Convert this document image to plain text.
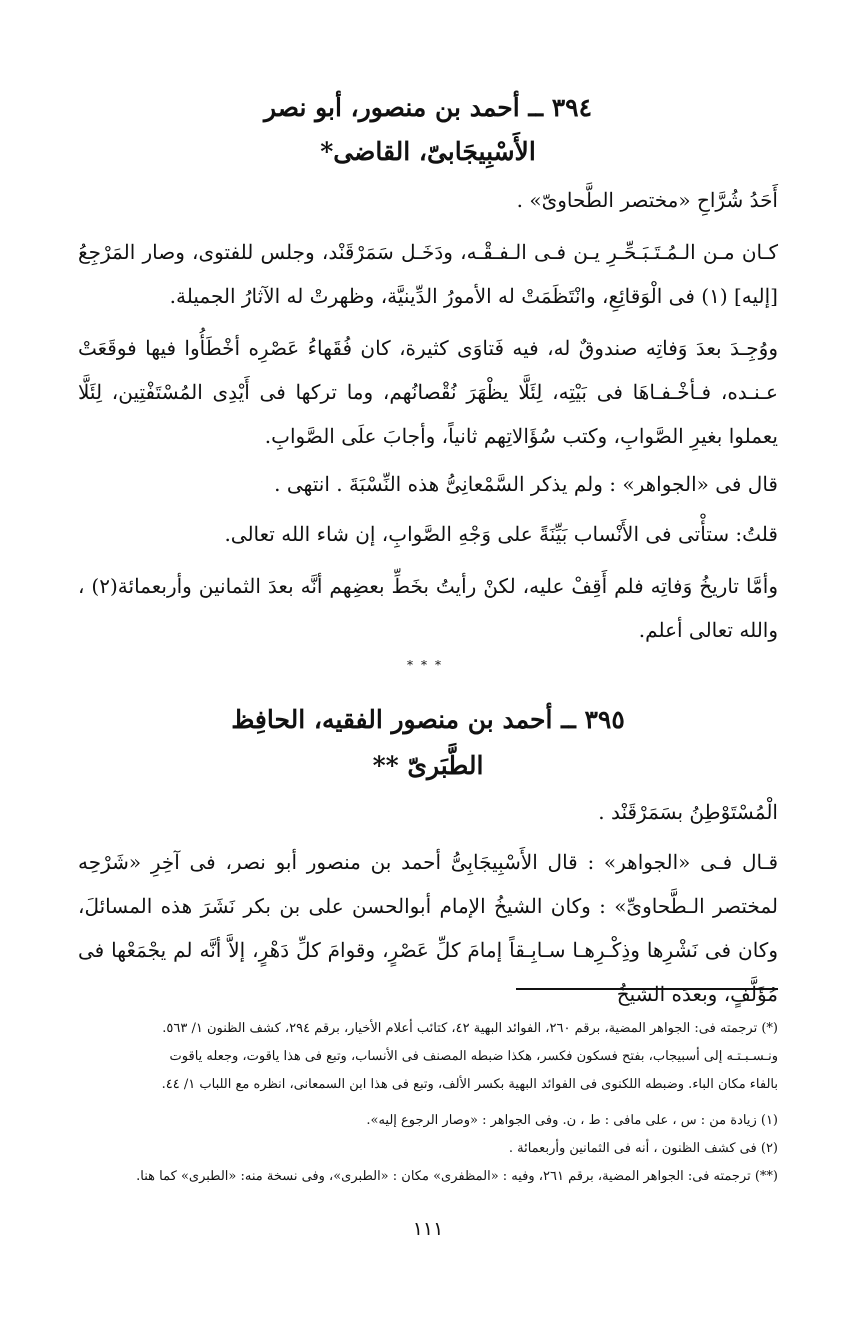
٣٩٤ ــ أحمد بن منصور، أبو نصر
الأَسْبِيجَابىّ، القاضى*
أَحَدُ شُرَّاحِ «مختصر الطَّحاوىّ» .
كـان مـن الـمُـتَـبَـحِّـرِ يـن فـى الـفـقْـه، ودَخَـل سَمَرْقَنْد، وجلس للفتوى، وصار المَرْجِعُ [إليه] (١) فى الْوَقائِعِ، وانْتَظَمَتْ له الأمورُ الدِّينيَّة، وظهرتْ له الآثارُ الجميلة.
ووُجِـدَ بعدَ وَفاتِه صندوقٌ له، فيه فَتاوَى كثيرة، كان فُقَهاءُ عَصْرِه أخْطَأُوا فيها فوقَعَتْ عـنـده، فـأخْـفـاهَا فى بَيْتِه، لِئَلَّا يظْهَرَ نُقْصانُهم، وما تركها فى أَيْدِى المُسْتَفْتِين، لِئَلَّا يعملوا بغيرِ الصَّوابِ، وكتب سُؤَالاتِهم ثانياً، وأجابَ علَى الصَّوابِ.
قال فى «الجواهر» : ولم يذكر السَّمْعانِىُّ هذه النِّسْبَةَ . انتهى .
قلتُ: ستأْتى فى الأَنْساب بَيِّنَةً على وَجْهِ الصَّوابِ، إن شاء الله تعالى.
وأمَّا تاريخُ وَفاتِه فلم أَقِفْ عليه، لكنْ رأيتُ بخَطِّ بعضِهم أنَّه بعدَ الثمانين وأربعمائة(٢) ، والله تعالى أعلم.
***
٣٩٥ ــ أحمد بن منصور الفقيه، الحافِظ
الطَّبَرىّ **
الْمُسْتَوْطِنُ بسَمَرْقَنْد .
قـال فـى «الجواهر» : قال الأَسْبِيجَابِىُّ أحمد بن منصور أبو نصر، فى آخِرِ «شَرْحِه لمختصر الـطَّحاوىِّ» : وكان الشيخُ الإمام أبوالحسن على بن بكر نَشَرَ هذه المسائلَ، وكان فى نَشْرِها وذِكْـرِهـا سـابِـقاً إمامَ كلِّ عَصْرٍ، وقوامَ كلِّ دَهْرٍ، إلاَّ أنَّه لم يجْمَعْها فى مُؤَلَّفٍ، وبعدَه الشيخُ
(*) ترجمته فى: الجواهر المضية، برقم ٢٦٠، الفوائد البهية ٤٢، كتائب أعلام الأخيار، برقم ٢٩٤، كشف الظنون ١/ ٥٦٣.
ونـسـبـتـه إلى أسبيجاب، بفتح فسكون فكسر، هكذا ضبطه المصنف فى الأنساب، وتبع فى هذا ياقوت، وجعله ياقوت
بالفاء مكان الباء. وضبطه اللكنوى فى الفوائد البهية بكسر الألف، وتبع فى هذا ابن السمعانى، انظره مع اللباب ١/ ٤٤.
(١) زيادة من : س ، على مافى : ط ، ن. وفى الجواهر : «وصار الرجوع إليه».
(٢) فى كشف الظنون ، أنه فى الثمانين وأربعمائة .
(**) ترجمته فى: الجواهر المضية، برقم ٢٦١، وفيه : «المظفرى» مكان : «الطبرى»، وفى نسخة منه: «الطبرى» كما هنا.
١١١
